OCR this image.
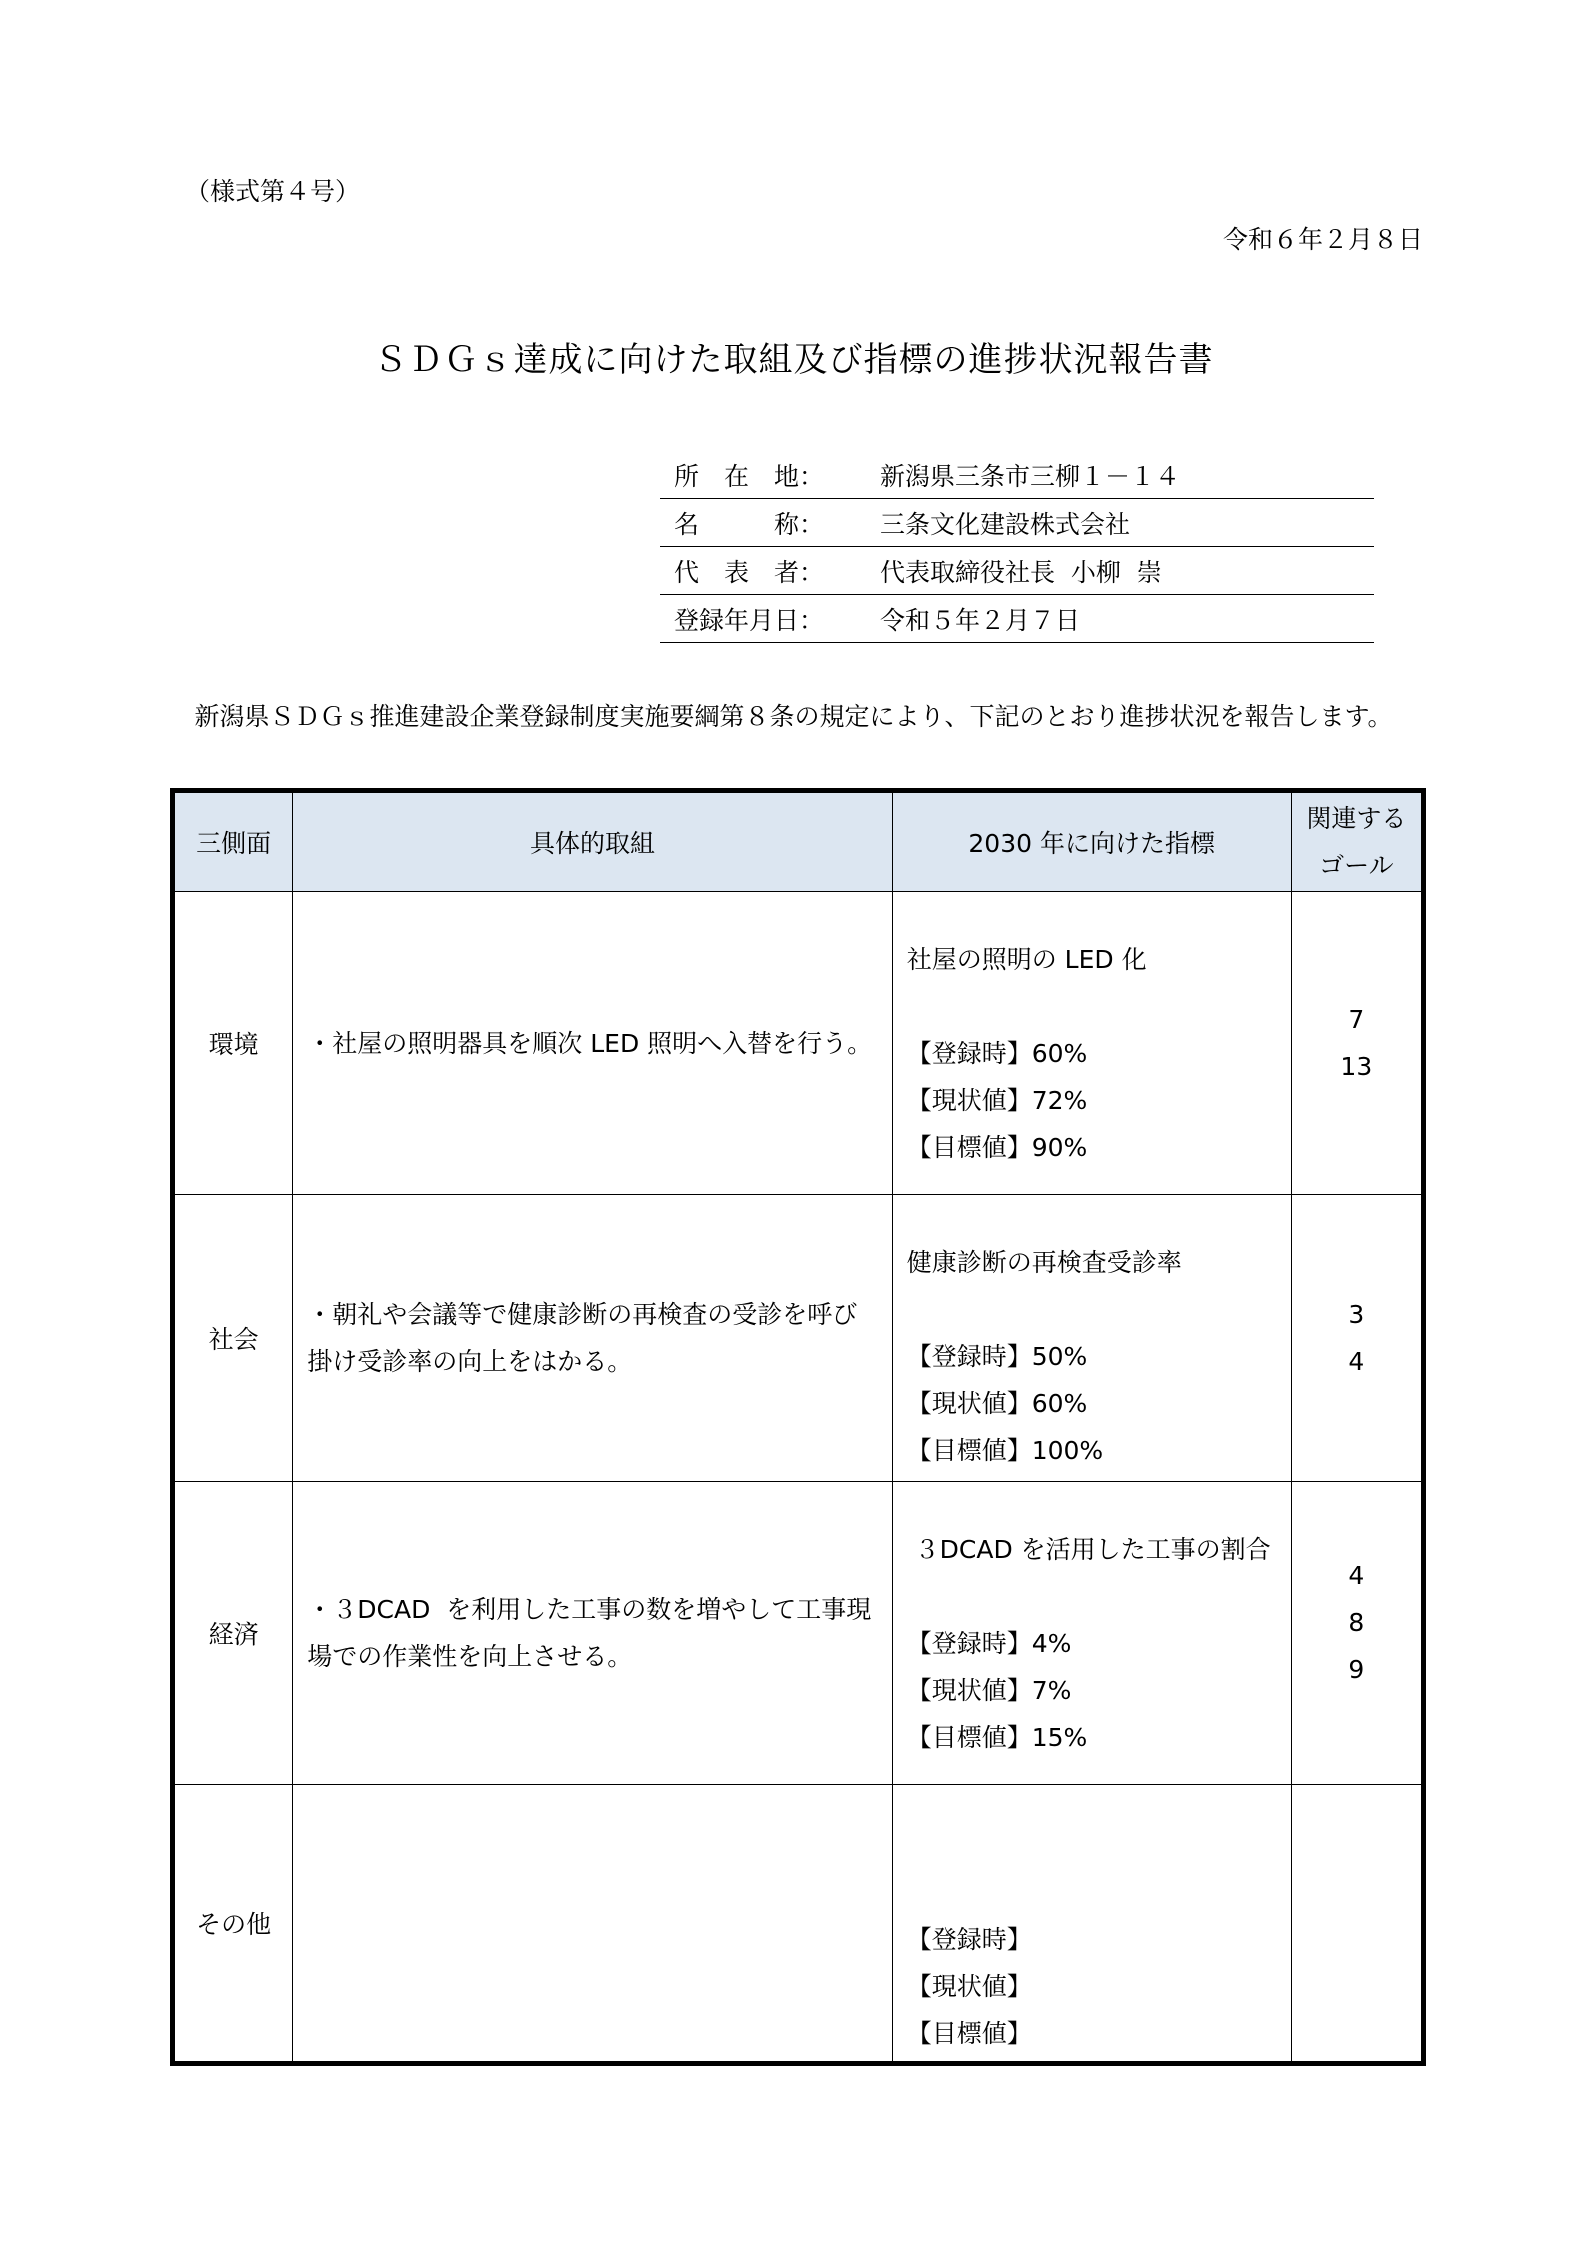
（様式第４号）
令和６年２月８日
ＳＤＧｓ達成に向けた取組及び指標の進捗状況報告書
所　在　地：	新潟県三条市三柳１－１４
名　　　称：	三条文化建設株式会社
代　表　者：	代表取締役社長  小柳  崇
登録年月日：	令和５年２月７日
新潟県ＳＤＧｓ推進建設企業登録制度実施要綱第８条の規定により、下記のとおり進捗状況を報告します。
三側面	具体的取組	2030 年に向けた指標	関連する
ゴール

環境	・社屋の照明器具を順次 LED 照明へ入替を行う。	社屋の照明の LED 化
【登録時】60%
【現状値】72%
【目標値】90%	7
13

社会	・朝礼や会議等で健康診断の再検査の受診を呼び
掛け受診率の向上をはかる。	健康診断の再検査受診率
【登録時】50%
【現状値】60%
【目標値】100%	3
4

経済	・３DCAD  を利用した工事の数を増やして工事現
場での作業性を向上させる。	３DCAD を活用した工事の割合
【登録時】4%
【現状値】7%
【目標値】15%	4
8
9

その他		【登録時】
【現状値】
【目標値】	
